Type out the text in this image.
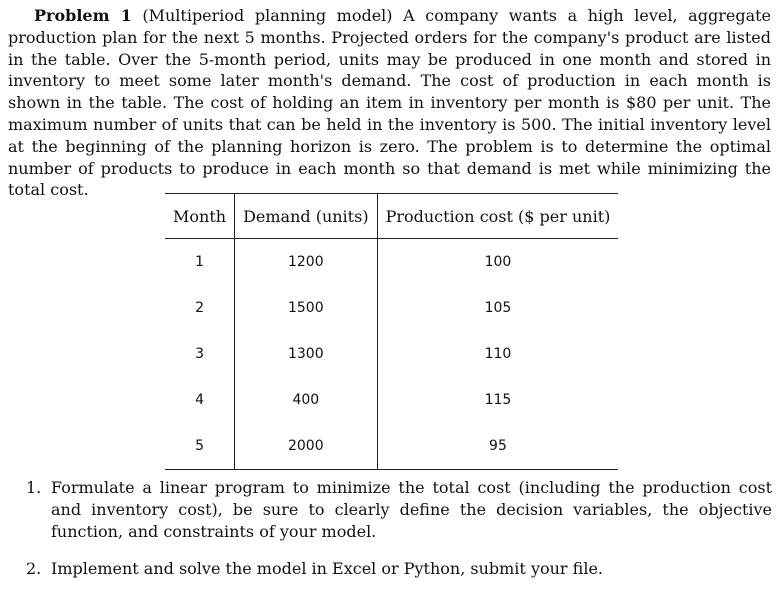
Problem 1 (Multiperiod planning model) A company wants a high level, aggregate production plan for the next 5 months. Projected orders for the company's product are listed in the table. Over the 5-month period, units may be produced in one month and stored in inventory to meet some later month's demand. The cost of production in each month is shown in the table. The cost of holding an item in inventory per month is $80 per unit. The maximum number of units that can be held in the inventory is 500. The initial inventory level at the beginning of the planning horizon is zero. The problem is to determine the optimal number of products to produce in each month so that demand is met while minimizing the total cost.

Month	Demand (units)	Production cost ($ per unit)
1	1200	100
2	1500	105
3	1300	110
4	400	115
5	2000	95
1. Formulate a linear program to minimize the total cost (including the production cost and inventory cost), be sure to clearly define the decision variables, the objective function, and constraints of your model.
2. Implement and solve the model in Excel or Python, submit your file.
